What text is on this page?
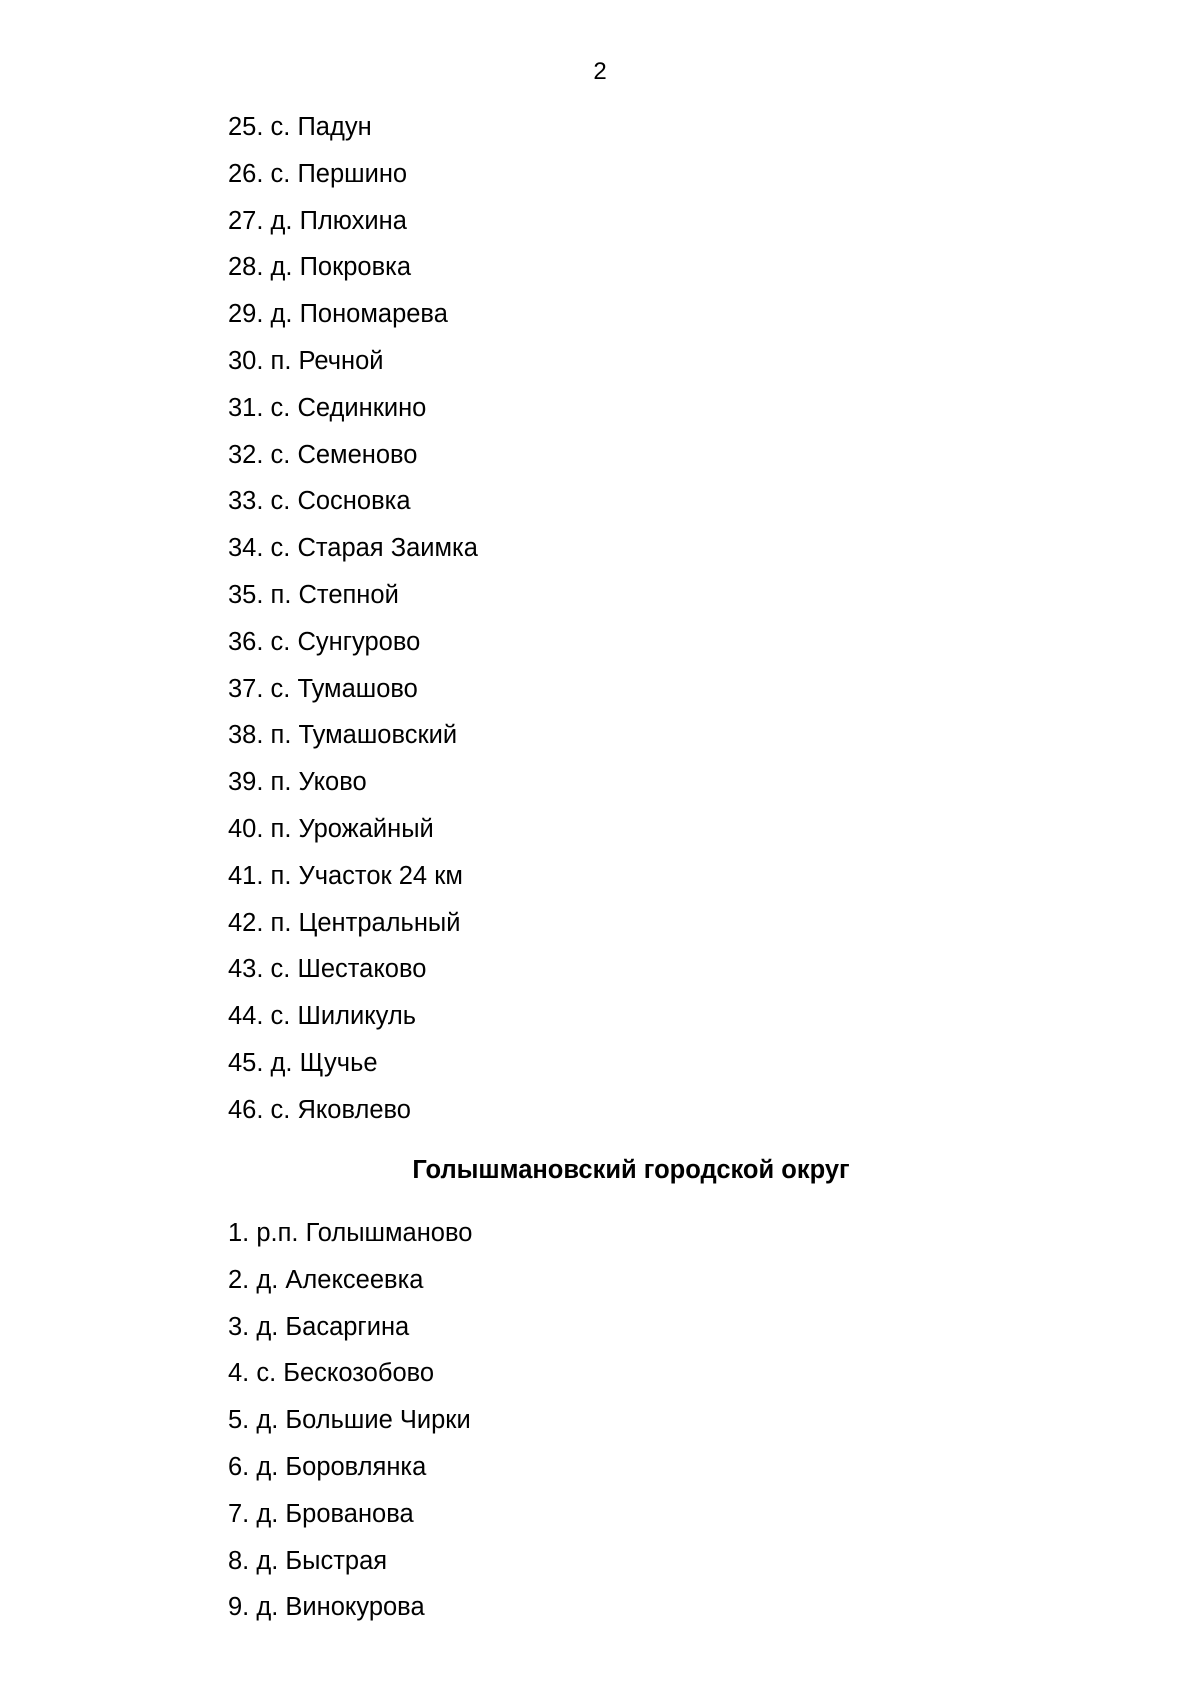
2
25. с. Падун
26. с. Першино
27. д. Плюхина
28. д. Покровка
29. д. Пономарева
30. п. Речной
31. с. Сединкино
32. с. Семеново
33. с. Сосновка
34. с. Старая Заимка
35. п. Степной
36. с. Сунгурово
37. с. Тумашово
38. п. Тумашовский
39. п. Уково
40. п. Урожайный
41. п. Участок 24 км
42. п. Центральный
43. с. Шестаково
44. с. Шиликуль
45. д. Щучье
46. с. Яковлево
Голышмановский городской округ
1. р.п. Голышманово
2. д. Алексеевка
3. д. Басаргина
4. с. Бескозобово
5. д. Большие Чирки
6. д. Боровлянка
7. д. Брованова
8. д. Быстрая
9. д. Винокурова
